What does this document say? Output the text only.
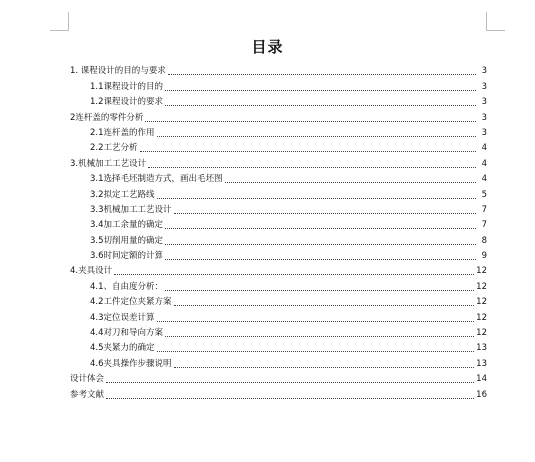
目录
1. 课程设计的目的与要求	3
1.1课程设计的目的	3
1.2课程设计的要求	3
2连杆盖的零件分析	3
2.1连杆盖的作用	3
2.2工艺分析	4
3.机械加工工艺设计	4
3.1选择毛坯制造方式，画出毛坯图	4
3.2拟定工艺路线	5
3.3机械加工工艺设计	7
3.4加工余量的确定	7
3.5切削用量的确定	8
3.6时间定额的计算	9
4.夹具设计	12
4.1、自由度分析：	12
4.2工件定位夹紧方案	12
4.3定位误差计算	12
4.4对刀和导向方案	12
4.5夹紧力的确定	13
4.6夹具操作步骤说明	13
设计体会	14
参考文献	16
